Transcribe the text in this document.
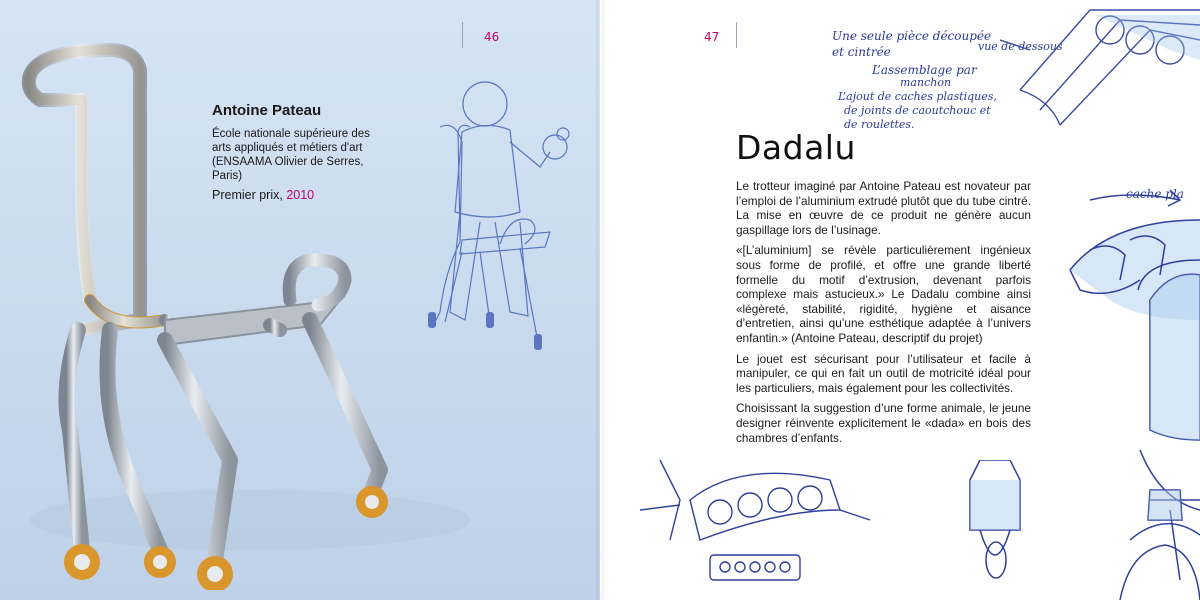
46
Antoine Pateau
École nationale supérieure des arts appliqués et métiers d'art (ENSAAMA Olivier de Serres, Paris)
Premier prix, 2010
47	Une seule pièce découpée
et cintrée
L’assemblage par
manchon
L’ajout de caches plastiques,
de joints de caoutchouc et
de roulettes.
vue de dessous
cache pla
Dadalu

Le trotteur imaginé par Antoine Pateau est novateur par l’emploi de l’aluminium extrudé plutôt que du tube cintré. La mise en œuvre de ce produit ne génère aucun gaspillage lors de l’usinage.

«[L’aluminium] se révèle particulièrement ingénieux sous forme de profilé, et offre une grande liberté formelle du motif d’extrusion, devenant parfois complexe mais astucieux.» Le Dadalu combine ainsi «légèreté, stabilité, rigidité, hygiène et aisance d’entretien, ainsi qu’une esthétique adaptée à l’univers enfantin.» (Antoine Pateau, descriptif du projet)

Le jouet est sécurisant pour l’utilisateur et facile à manipuler, ce qui en fait un outil de motricité idéal pour les particuliers, mais également pour les collectivités.

Choisissant la suggestion d’une forme animale, le jeune designer réinvente explicitement le «dada» en bois des chambres d’enfants.
